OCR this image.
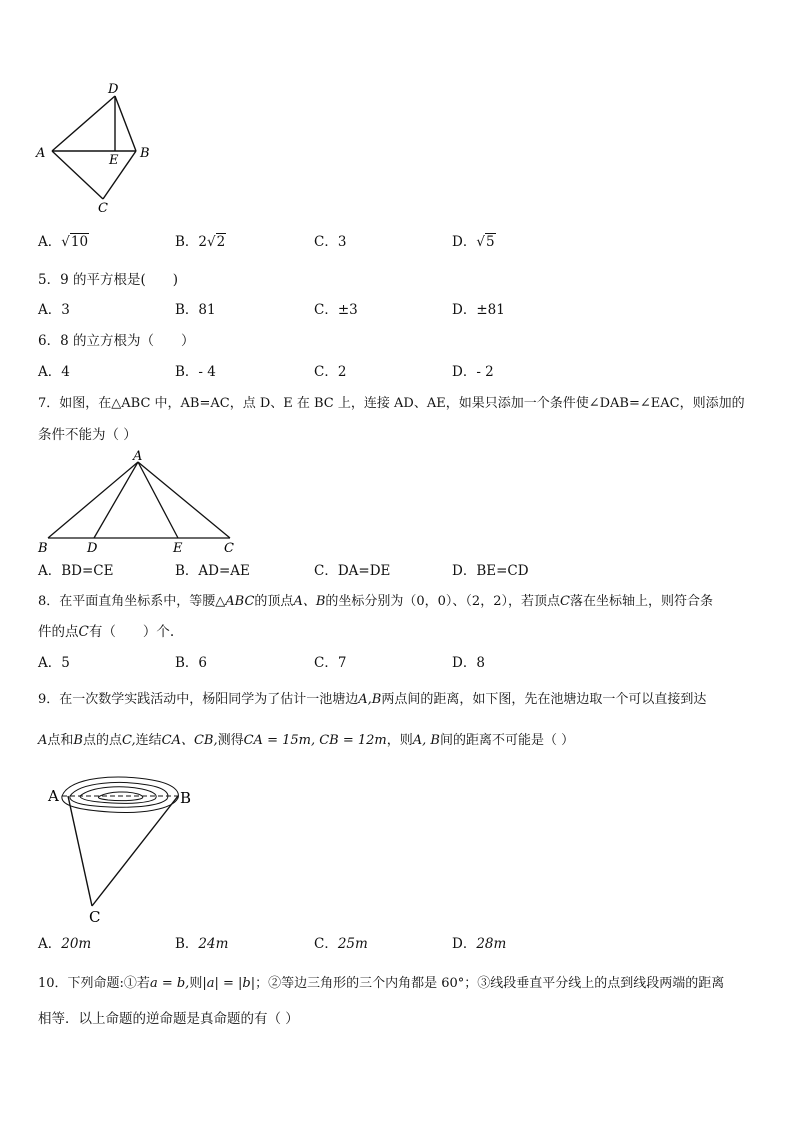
D
A	E B
C
A．√10	B．2√2	C．3	D．√5
5．9 的平方根是(　　)
A．3	B．81	C．±3	D．±81
6．8 的立方根为（　　）
A．4	B．- 4	C．2	D．- 2
7．如图，在△ABC 中，AB=AC，点 D、E 在 BC 上，连接 AD、AE，如果只添加一个条件使∠DAB=∠EAC，则添加的
条件不能为（ ）
A
B	D	E	C
A．BD=CE	B．AD=AE	C．DA=DE	D．BE=CD
8．在平面直角坐标系中，等腰△ABC的顶点A、B的坐标分别为（0，0）、（2，2），若顶点C落在坐标轴上，则符合条
件的点C有（　　）个.
A．5	B．6	C．7	D．8
9．在一次数学实践活动中，杨阳同学为了估计一池塘边A,B两点间的距离，如下图，先在池塘边取一个可以直接到达
A点和B点的点C,连结CA、CB,测得CA = 15m, CB = 12m，则A, B间的距离不可能是（ ）
A	B
C
A．20m	B．24m	C．25m	D．28m
10．下列命题:①若a = b,则|a| = |b|；②等边三角形的三个内角都是 60°；③线段垂直平分线上的点到线段两端的距离
相等．以上命题的逆命题是真命题的有（ ）
